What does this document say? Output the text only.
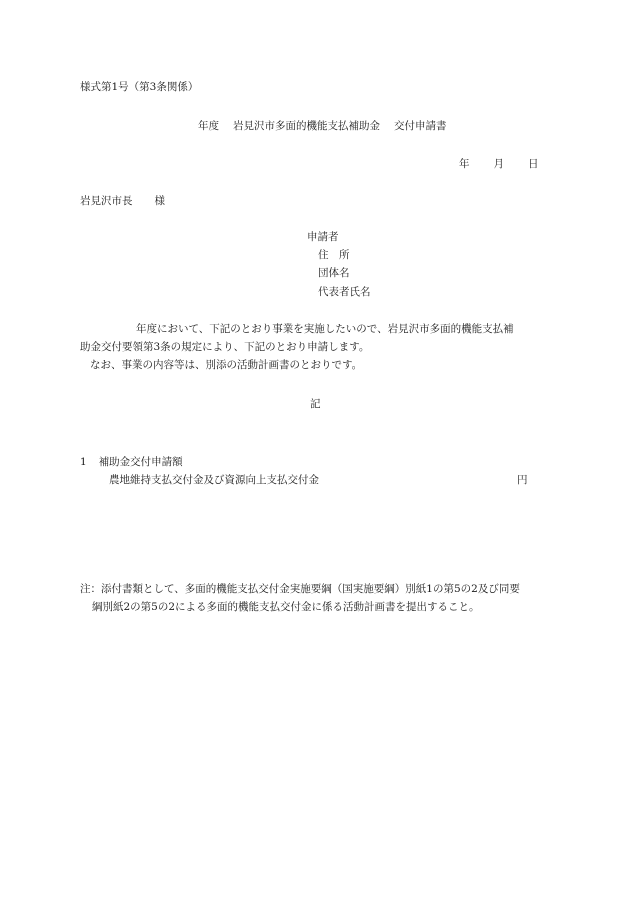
様式第1号（第3条関係）
年度 岩見沢市多面的機能支払補助金 交付申請書
年 月 日
岩見沢市長 様
申請者
住　所
団体名
代表者氏名
年度において、下記のとおり事業を実施したいので、岩見沢市多面的機能支払補
助金交付要領第3条の規定により、下記のとおり申請します。
なお、事業の内容等は、別添の活動計画書のとおりです。
記
1 補助金交付申請額
農地維持支払交付金及び資源向上支払交付金	円
注：添付書類として、多面的機能支払交付金実施要綱（国実施要綱）別紙1の第5の2及び同要
綱別紙2の第5の2による多面的機能支払交付金に係る活動計画書を提出すること。
